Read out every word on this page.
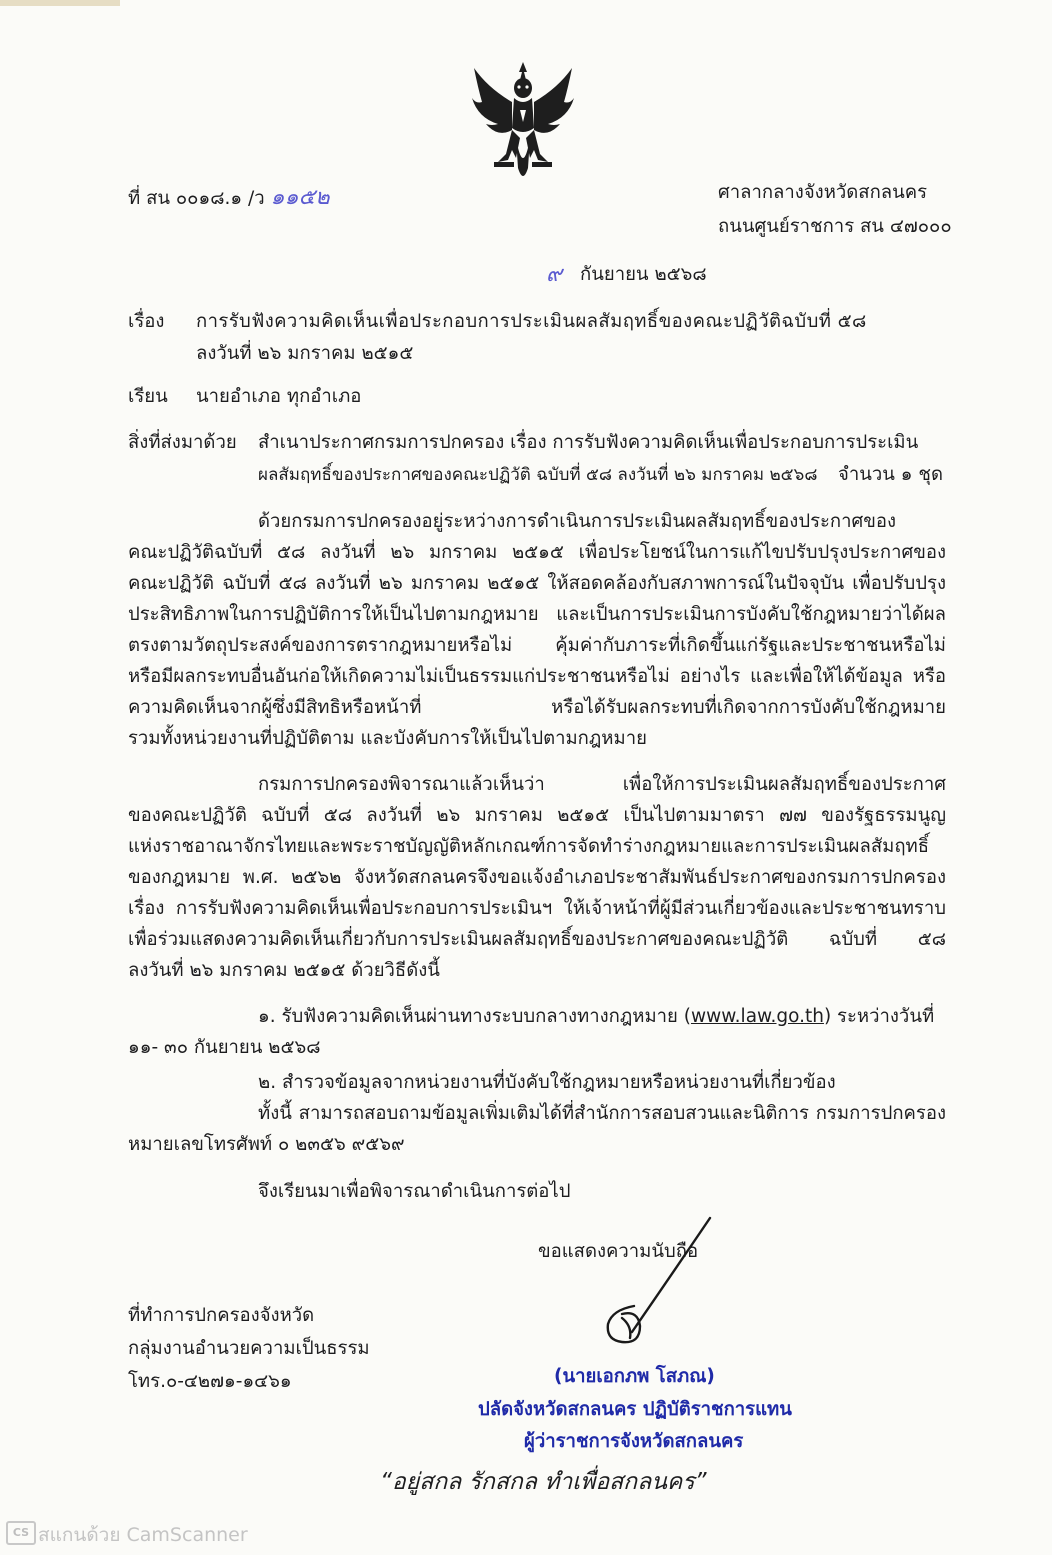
ที่ สน ๐๐๑๘.๑ /ว ๑๑๕๒	ศาลากลางจังหวัดสกลนคร
ถนนศูนย์ราชการ สน ๔๗๐๐๐
๙ กันยายน ๒๕๖๘
เรื่อง การรับฟังความคิดเห็นเพื่อประกอบการประเมินผลสัมฤทธิ์ของคณะปฏิวัติฉบับที่ ๕๘
ลงวันที่ ๒๖ มกราคม ๒๕๑๕
เรียน นายอำเภอ ทุกอำเภอ
สิ่งที่ส่งมาด้วย สำเนาประกาศกรมการปกครอง เรื่อง การรับฟังความคิดเห็นเพื่อประกอบการประเมิน
ผลสัมฤทธิ์ของประกาศของคณะปฏิวัติ ฉบับที่ ๕๘ ลงวันที่ ๒๖ มกราคม ๒๕๖๘ จำนวน ๑ ชุด
ด้วยกรมการปกครองอยู่ระหว่างการดำเนินการประเมินผลสัมฤทธิ์ของประกาศของ
คณะปฏิวัติฉบับที่ ๕๘ ลงวันที่ ๒๖ มกราคม ๒๕๑๕ เพื่อประโยชน์ในการแก้ไขปรับปรุงประกาศของ
คณะปฏิวัติ ฉบับที่ ๕๘ ลงวันที่ ๒๖ มกราคม ๒๕๑๕ ให้สอดคล้องกับสภาพการณ์ในปัจจุบัน เพื่อปรับปรุง
ประสิทธิภาพในการปฏิบัติการให้เป็นไปตามกฎหมาย และเป็นการประเมินการบังคับใช้กฎหมายว่าได้ผล
ตรงตามวัตถุประสงค์ของการตรากฎหมายหรือไม่ คุ้มค่ากับภาระที่เกิดขึ้นแก่รัฐและประชาชนหรือไม่
หรือมีผลกระทบอื่นอันก่อให้เกิดความไม่เป็นธรรมแก่ประชาชนหรือไม่ อย่างไร และเพื่อให้ได้ข้อมูล หรือ
ความคิดเห็นจากผู้ซึ่งมีสิทธิหรือหน้าที่ หรือได้รับผลกระทบที่เกิดจากการบังคับใช้กฎหมาย
รวมทั้งหน่วยงานที่ปฏิบัติตาม และบังคับการให้เป็นไปตามกฎหมาย
กรมการปกครองพิจารณาแล้วเห็นว่า เพื่อให้การประเมินผลสัมฤทธิ์ของประกาศ
ของคณะปฏิวัติ ฉบับที่ ๕๘ ลงวันที่ ๒๖ มกราคม ๒๕๑๕ เป็นไปตามมาตรา ๗๗ ของรัฐธรรมนูญ
แห่งราชอาณาจักรไทยและพระราชบัญญัติหลักเกณฑ์การจัดทำร่างกฎหมายและการประเมินผลสัมฤทธิ์
ของกฎหมาย พ.ศ. ๒๕๖๒ จังหวัดสกลนครจึงขอแจ้งอำเภอประชาสัมพันธ์ประกาศของกรมการปกครอง
เรื่อง การรับฟังความคิดเห็นเพื่อประกอบการประเมินฯ ให้เจ้าหน้าที่ผู้มีส่วนเกี่ยวข้องและประชาชนทราบ
เพื่อร่วมแสดงความคิดเห็นเกี่ยวกับการประเมินผลสัมฤทธิ์ของประกาศของคณะปฏิวัติ ฉบับที่ ๕๘
ลงวันที่ ๒๖ มกราคม ๒๕๑๕ ด้วยวิธีดังนี้
๑. รับฟังความคิดเห็นผ่านทางระบบกลางทางกฎหมาย (www.law.go.th) ระหว่างวันที่
๑๑- ๓๐ กันยายน ๒๕๖๘
๒. สำรวจข้อมูลจากหน่วยงานที่บังคับใช้กฎหมายหรือหน่วยงานที่เกี่ยวข้อง
ทั้งนี้ สามารถสอบถามข้อมูลเพิ่มเติมได้ที่สำนักการสอบสวนและนิติการ กรมการปกครอง
หมายเลขโทรศัพท์ ๐ ๒๓๕๖ ๙๕๖๙
จึงเรียนมาเพื่อพิจารณาดำเนินการต่อไป
ขอแสดงความนับถือ
(นายเอกภพ โสภณ)
ปลัดจังหวัดสกลนคร ปฏิบัติราชการแทน
ผู้ว่าราชการจังหวัดสกลนคร
ที่ทำการปกครองจังหวัด
กลุ่มงานอำนวยความเป็นธรรม
โทร.๐-๔๒๗๑-๑๔๖๑
“อยู่สกล รักสกล ทำเพื่อสกลนคร”
CS สแกนด้วย CamScanner
